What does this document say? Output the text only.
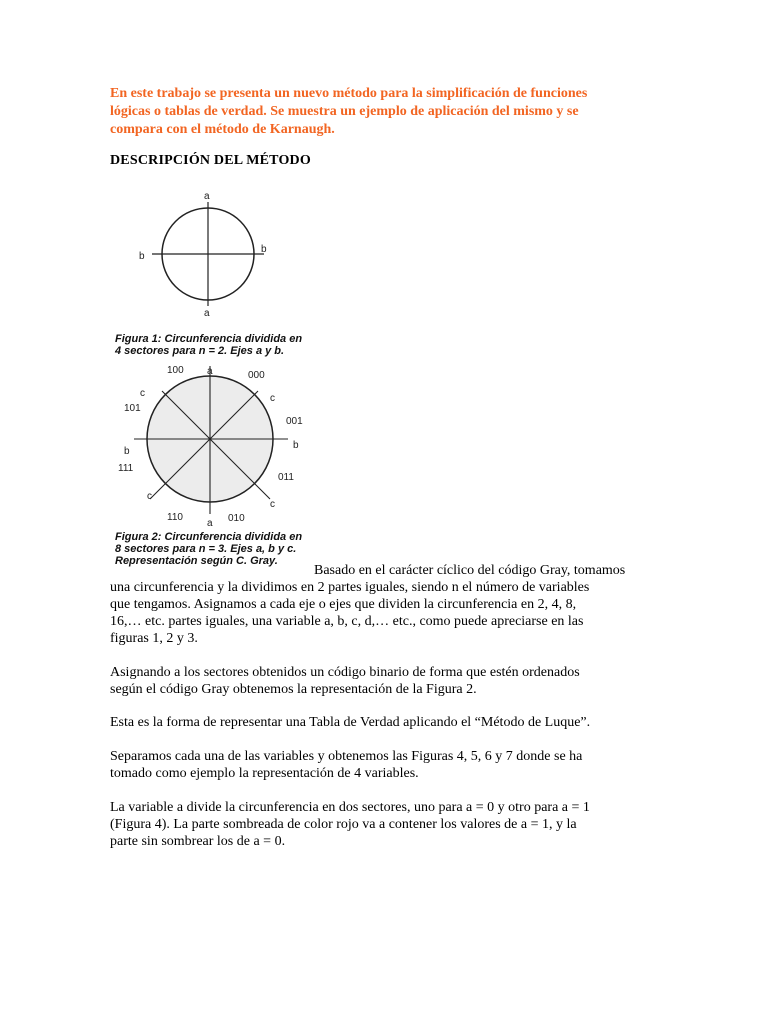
En este trabajo se presenta un nuevo método para la simplificación de funciones
lógicas o tablas de verdad. Se muestra un ejemplo de aplicación del mismo y se
compara con el método de Karnaugh.

DESCRIPCIÓN DEL MÉTODO
a
a
b
b
Figura 1: Circunferencia dividida en
4 sectores para n = 2. Ejes a y b.
a
a
b
b
c	c
c
c
100	000
101
001
111
011
110	010
Figura 2: Circunferencia dividida en
8 sectores para n = 3. Ejes a, b y c.
Representación según C. Gray.

Basado en el carácter cíclico del código Gray, tomamos
una circunferencia y la dividimos en 2 partes iguales, siendo n el número de variables
que tengamos. Asignamos a cada eje o ejes que dividen la circunferencia en 2, 4, 8,
16,… etc. partes iguales, una variable a, b, c, d,… etc., como puede apreciarse en las
figuras 1, 2 y 3.

Asignando a los sectores obtenidos un código binario de forma que estén ordenados
según el código Gray obtenemos la representación de la Figura 2.

Esta es la forma de representar una Tabla de Verdad aplicando el “Método de Luque”.

Separamos cada una de las variables y obtenemos las Figuras 4, 5, 6 y 7 donde se ha
tomado como ejemplo la representación de 4 variables.

La variable a divide la circunferencia en dos sectores, uno para a = 0 y otro para a = 1
(Figura 4). La parte sombreada de color rojo va a contener los valores de a = 1, y la
parte sin sombrear los de a = 0.
